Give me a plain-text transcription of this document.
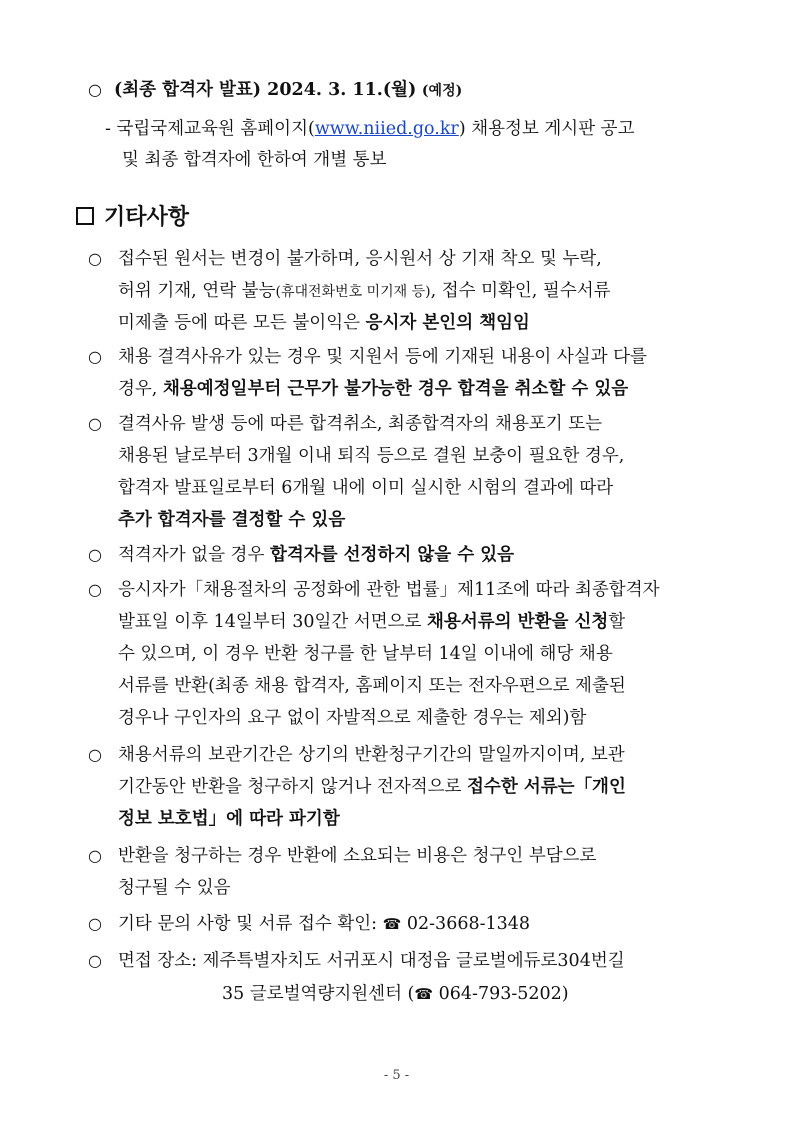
○ (최종 합격자 발표) 2024. 3. 11.(월) (예정)
- 국립국제교육원 홈페이지(www.niied.go.kr) 채용정보 게시판 공고
및 최종 합격자에 한하여 개별 통보
기타사항
○ 접수된 원서는 변경이 불가하며, 응시원서 상 기재 착오 및 누락,
허위 기재, 연락 불능(휴대전화번호 미기재 등), 접수 미확인, 필수서류
미제출 등에 따른 모든 불이익은 응시자 본인의 책임임
○ 채용 결격사유가 있는 경우 및 지원서 등에 기재된 내용이 사실과 다를
경우, 채용예정일부터 근무가 불가능한 경우 합격을 취소할 수 있음
○ 결격사유 발생 등에 따른 합격취소, 최종합격자의 채용포기 또는
채용된 날로부터 3개월 이내 퇴직 등으로 결원 보충이 필요한 경우,
합격자 발표일로부터 6개월 내에 이미 실시한 시험의 결과에 따라
추가 합격자를 결정할 수 있음
○ 적격자가 없을 경우 합격자를 선정하지 않을 수 있음
○ 응시자가「채용절차의 공정화에 관한 법률」제11조에 따라 최종합격자
발표일 이후 14일부터 30일간 서면으로 채용서류의 반환을 신청할
수 있으며, 이 경우 반환 청구를 한 날부터 14일 이내에 해당 채용
서류를 반환(최종 채용 합격자, 홈페이지 또는 전자우편으로 제출된
경우나 구인자의 요구 없이 자발적으로 제출한 경우는 제외)함
○ 채용서류의 보관기간은 상기의 반환청구기간의 말일까지이며, 보관
기간동안 반환을 청구하지 않거나 전자적으로 접수한 서류는「개인
정보 보호법」에 따라 파기함
○ 반환을 청구하는 경우 반환에 소요되는 비용은 청구인 부담으로
청구될 수 있음
○ 기타 문의 사항 및 서류 접수 확인: ☎ 02-3668-1348
○ 면접 장소: 제주특별자치도 서귀포시 대정읍 글로벌에듀로304번길
35 글로벌역량지원센터 (☎ 064-793-5202)
- 5 -
